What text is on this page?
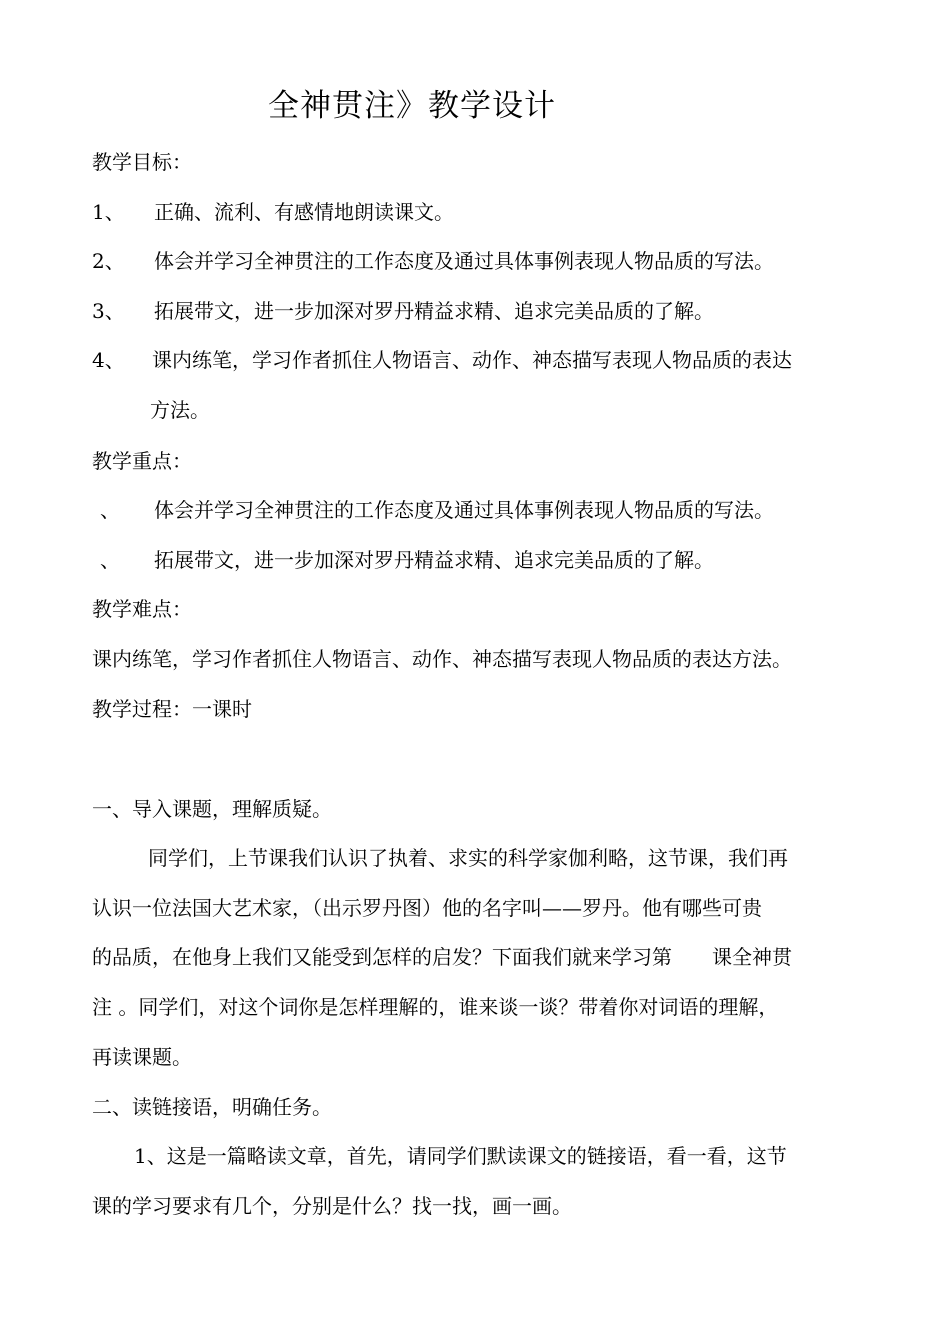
全神贯注》教学设计
教学目标：
1、 正确、流利、有感情地朗读课文。
2、 体会并学习全神贯注的工作态度及通过具体事例表现人物品质的写法。
3、 拓展带文，进一步加深对罗丹精益求精、追求完美品质的了解。
4、 课内练笔，学习作者抓住人物语言、动作、神态描写表现人物品质的表达
方法。
教学重点：
、 体会并学习全神贯注的工作态度及通过具体事例表现人物品质的写法。
、 拓展带文，进一步加深对罗丹精益求精、追求完美品质的了解。
教学难点：
课内练笔，学习作者抓住人物语言、动作、神态描写表现人物品质的表达方法。
教学过程：一课时
一、导入课题，理解质疑。
同学们，上节课我们认识了执着、求实的科学家伽利略，这节课，我们再
认识一位法国大艺术家，（出示罗丹图）他的名字叫——罗丹。他有哪些可贵
的品质，在他身上我们又能受到怎样的启发？下面我们就来学习第　　课全神贯
注 。同学们，对这个词你是怎样理解的，谁来谈一谈？带着你对词语的理解，
再读课题。
二、读链接语，明确任务。
1、这是一篇略读文章，首先，请同学们默读课文的链接语，看一看，这节
课的学习要求有几个，分别是什么？找一找，画一画。
